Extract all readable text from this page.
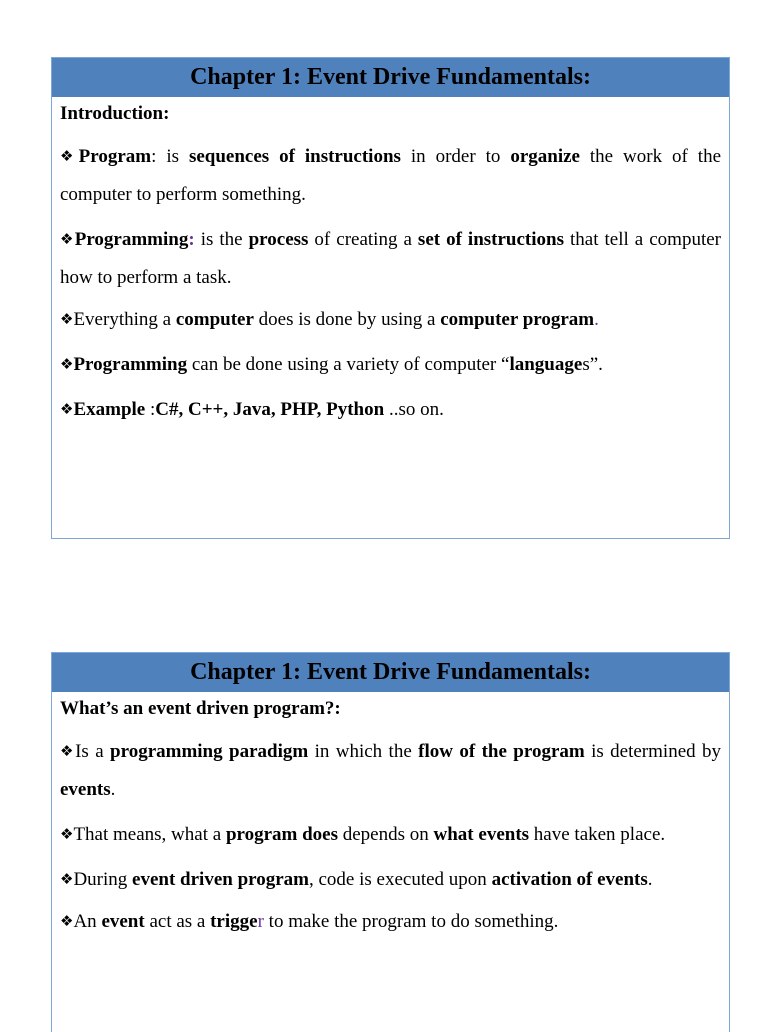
Chapter 1: Event Drive Fundamentals:
Introduction:
❖Program: is sequences of instructions in order to organize the work of the computer to perform something.
❖Programming: is the process of creating a set of instructions that tell a computer how to perform a task.
❖Everything a computer does is done by using a computer program.
❖Programming can be done using a variety of computer “languages”.
❖Example :C#, C++, Java, PHP, Python ..so on.
Chapter 1: Event Drive Fundamentals:
What’s an event driven program?:
❖Is a programming paradigm in which the flow of the program is determined by events.
❖That means, what a program does depends on what events have taken place.
❖During event driven program, code is executed upon activation of events.
❖An event act as a trigger to make the program to do something.
